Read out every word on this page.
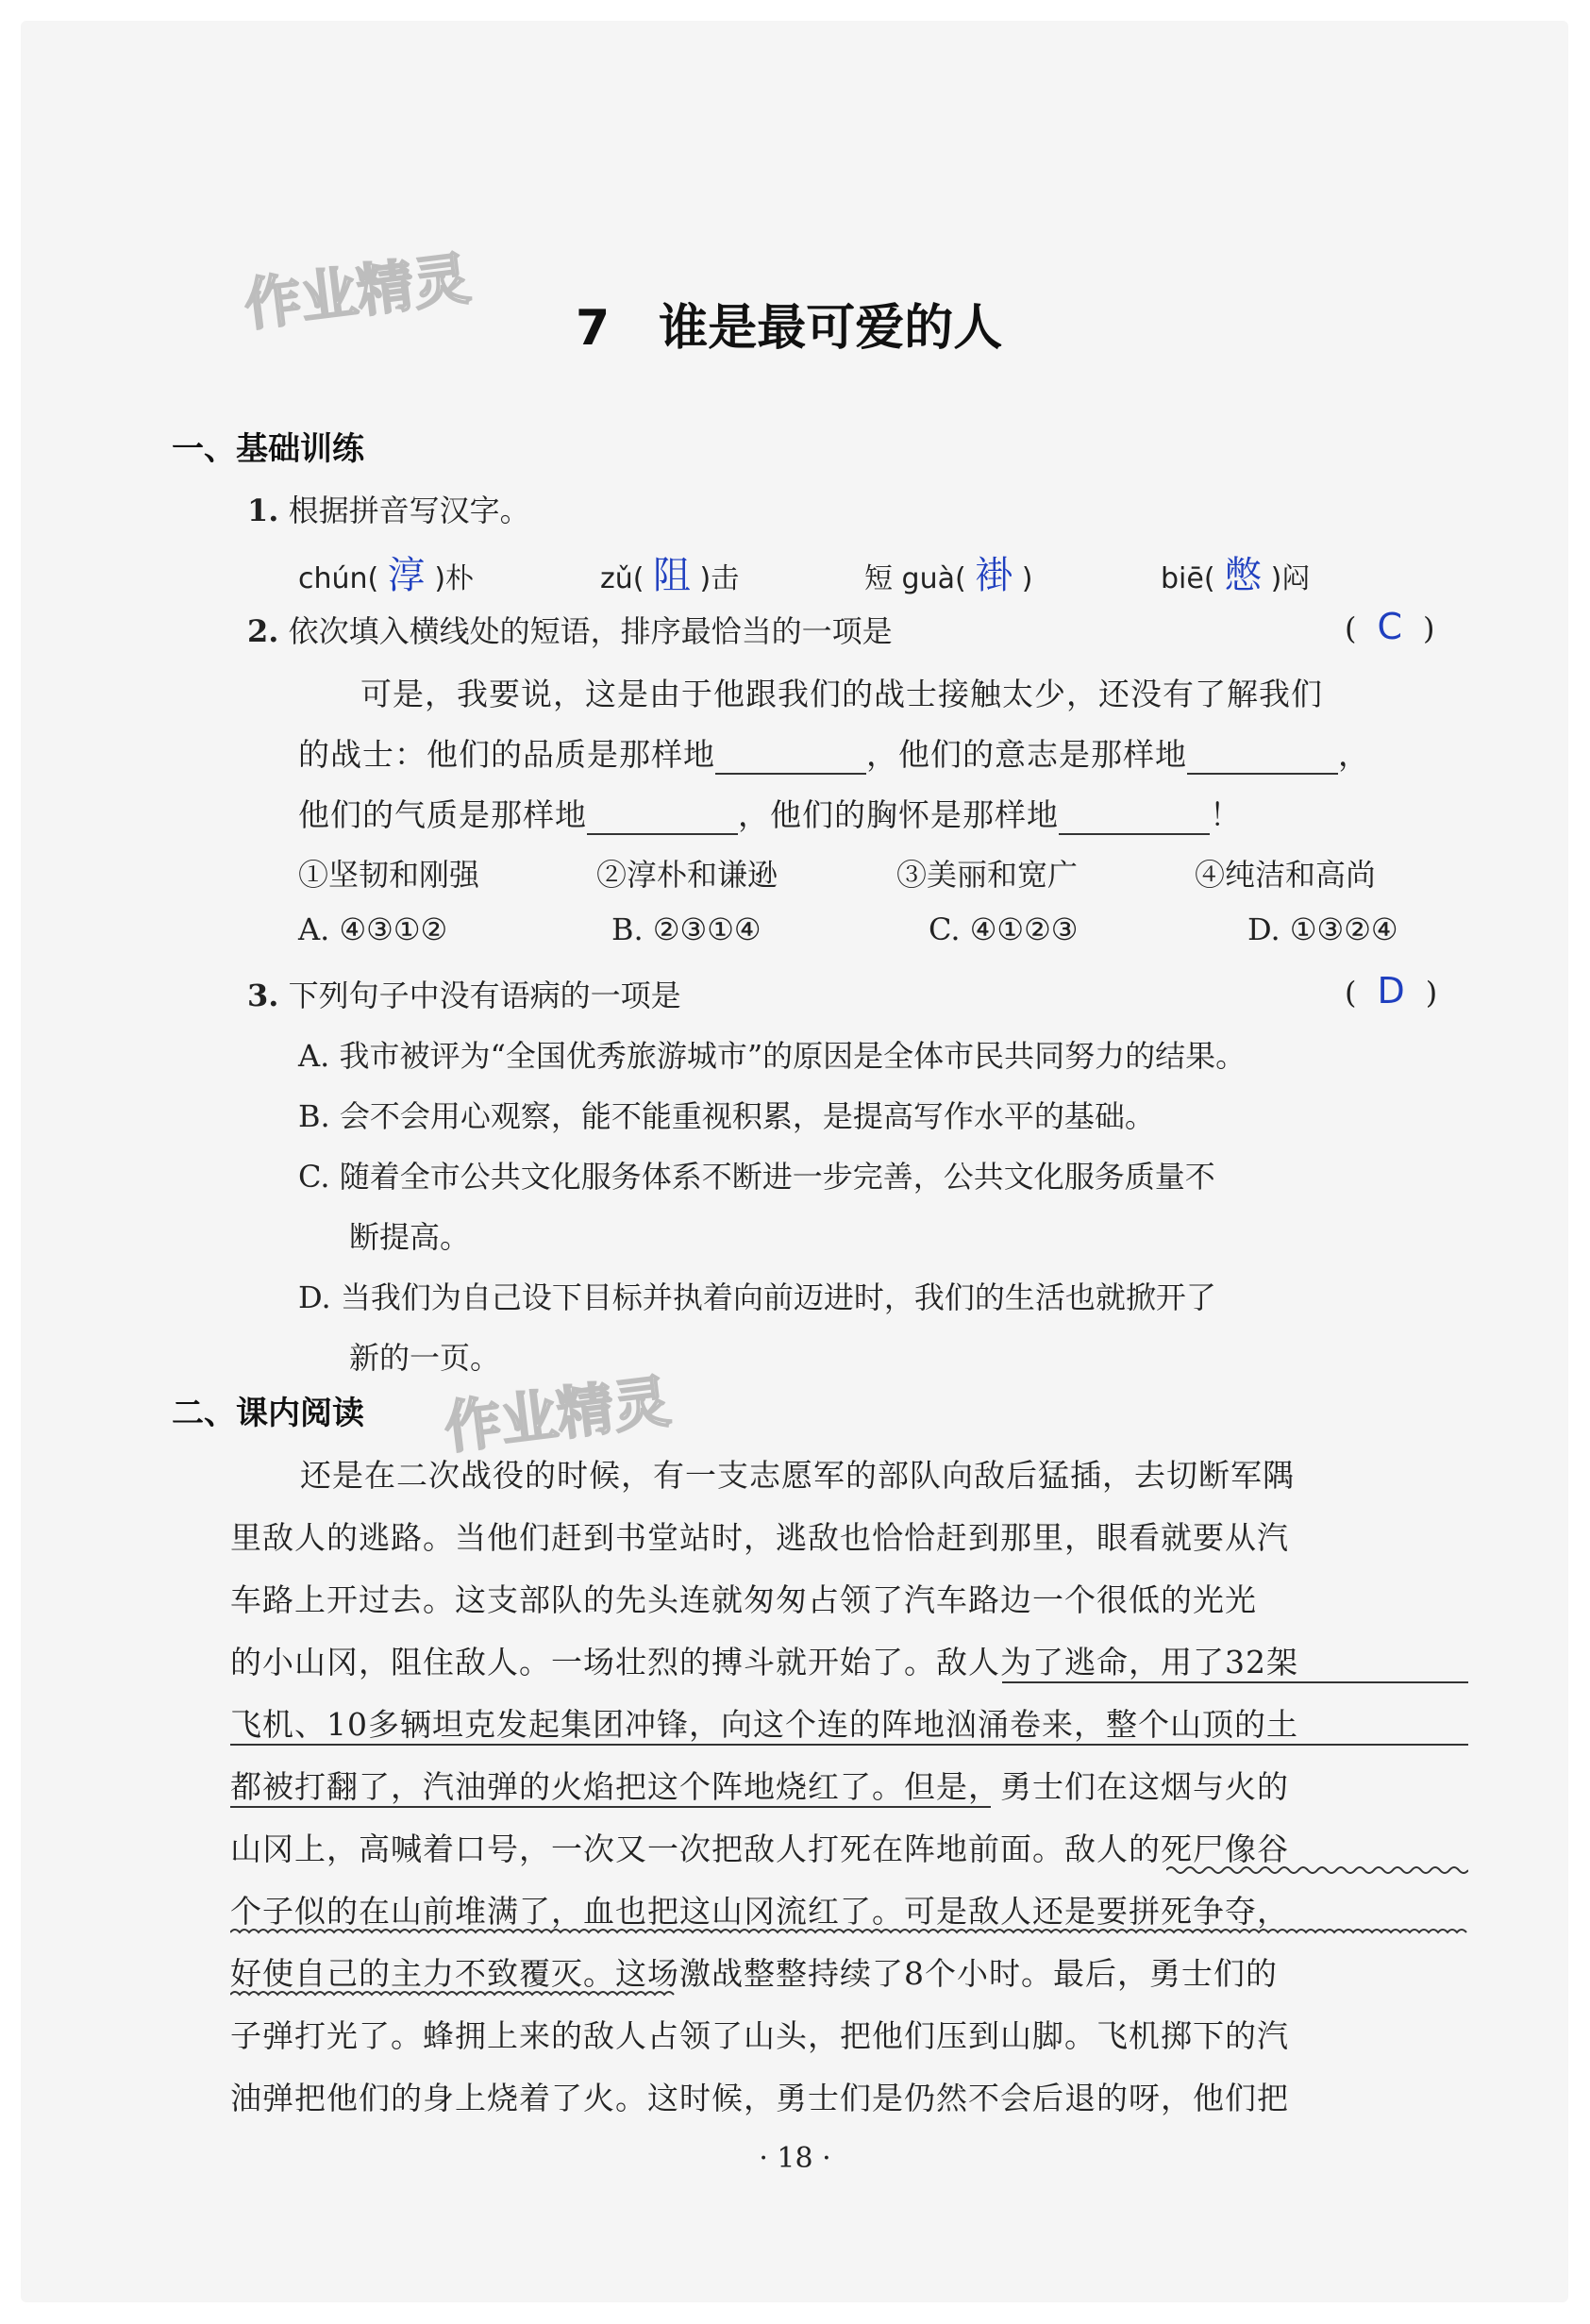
作业精灵
作业精灵
7 谁是最可爱的人
一、基础训练
1. 根据拼音写汉字。
chún( 淳 )朴	zǔ( 阻 )击	短 guà( 褂 )	biē( 憋 )闷
2. 依次填入横线处的短语，排序最恰当的一项是	( C )
可是，我要说，这是由于他跟我们的战士接触太少，还没有了解我们
的战士：他们的品质是那样地	，他们的意志是那样地	，
他们的气质是那样地	，他们的胸怀是那样地	！
①坚韧和刚强	②淳朴和谦逊	③美丽和宽广	④纯洁和高尚
A. ④③①②	B. ②③①④	C. ④①②③	D. ①③②④
3. 下列句子中没有语病的一项是	( D )
A. 我市被评为“全国优秀旅游城市”的原因是全体市民共同努力的结果。
B. 会不会用心观察，能不能重视积累，是提高写作水平的基础。
C. 随着全市公共文化服务体系不断进一步完善，公共文化服务质量不
断提高。
D. 当我们为自己设下目标并执着向前迈进时，我们的生活也就掀开了
新的一页。
二、课内阅读
还是在二次战役的时候，有一支志愿军的部队向敌后猛插，去切断军隅
里敌人的逃路。当他们赶到书堂站时，逃敌也恰恰赶到那里，眼看就要从汽
车路上开过去。这支部队的先头连就匆匆占领了汽车路边一个很低的光光
的小山冈，阻住敌人。一场壮烈的搏斗就开始了。敌人为了逃命，用了32架
飞机、10多辆坦克发起集团冲锋，向这个连的阵地汹涌卷来，整个山顶的土
都被打翻了，汽油弹的火焰把这个阵地烧红了。但是，勇士们在这烟与火的
山冈上，高喊着口号，一次又一次把敌人打死在阵地前面。敌人的死尸像谷
个子似的在山前堆满了，血也把这山冈流红了。可是敌人还是要拼死争夺，
好使自己的主力不致覆灭。这场激战整整持续了8个小时。最后，勇士们的
子弹打光了。蜂拥上来的敌人占领了山头，把他们压到山脚。飞机掷下的汽
油弹把他们的身上烧着了火。这时候，勇士们是仍然不会后退的呀，他们把
· 18 ·
